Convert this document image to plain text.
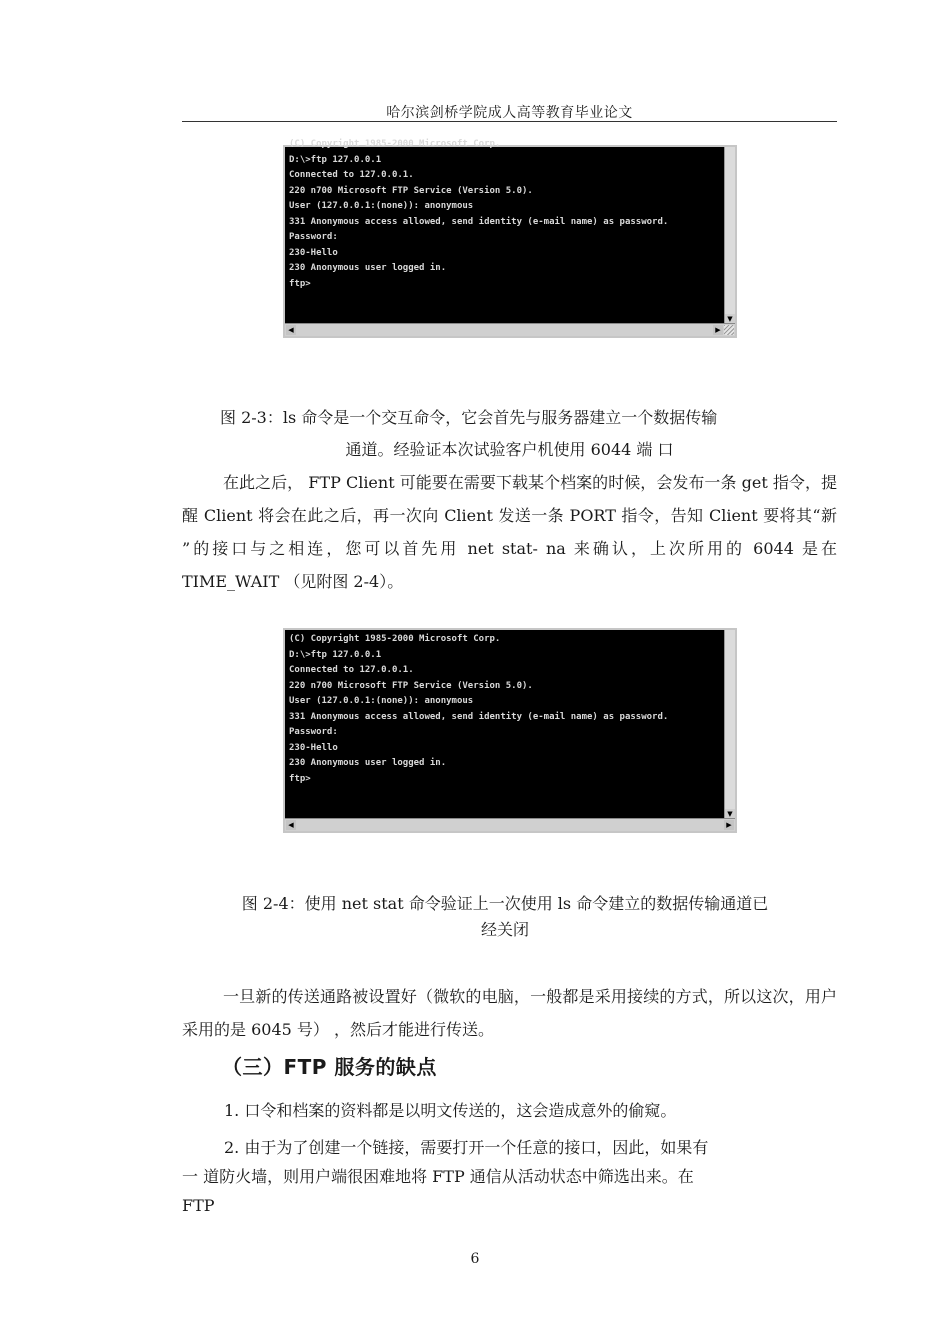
哈尔滨剑桥学院成人高等教育毕业论文
(C) Copyright 1985-2000 Microsoft Corp.
D:\>ftp 127.0.0.1
Connected to 127.0.0.1.
220 n700 Microsoft FTP Service (Version 5.0).
User (127.0.0.1:(none)): anonymous
331 Anonymous access allowed, send identity (e-mail name) as password.
Password:
230-Hello
230 Anonymous user logged in.
ftp>
▼
◀	▶
图 2-3：ls 命令是一个交互命令，它会首先与服务器建立一个数据传输
通道。经验证本次试验客户机使用 6044 端 口
在此之后， FTP Client 可能要在需要下载某个档案的时候，会发布一条 get 指令，提醒 Client 将会在此之后，再一次向 Client 发送一条 PORT 指令，告知 Client 要将其“新 ”的接口与之相连，您可以首先用 net stat- na 来确认，上次所用的 6044 是在 TIME_WAIT （见附图 2-4）。
(C) Copyright 1985-2000 Microsoft Corp.
D:\>ftp 127.0.0.1
Connected to 127.0.0.1.
220 n700 Microsoft FTP Service (Version 5.0).
User (127.0.0.1:(none)): anonymous
331 Anonymous access allowed, send identity (e-mail name) as password.
Password:
230-Hello
230 Anonymous user logged in.
ftp>
▼
◀	▶
图 2-4：使用 net stat 命令验证上一次使用 ls 命令建立的数据传输通道已
经关闭
一旦新的传送通路被设置好（微软的电脑，一般都是采用接续的方式，所以这次，用户采用的是 6045 号） ，然后才能进行传送。
（三）FTP 服务的缺点
1. 口令和档案的资料都是以明文传送的，这会造成意外的偷窥。
2. 由于为了创建一个链接，需要打开一个任意的接口，因此，如果有
一 道防火墙，则用户端很困难地将 FTP 通信从活动状态中筛选出来。在
FTP
6
